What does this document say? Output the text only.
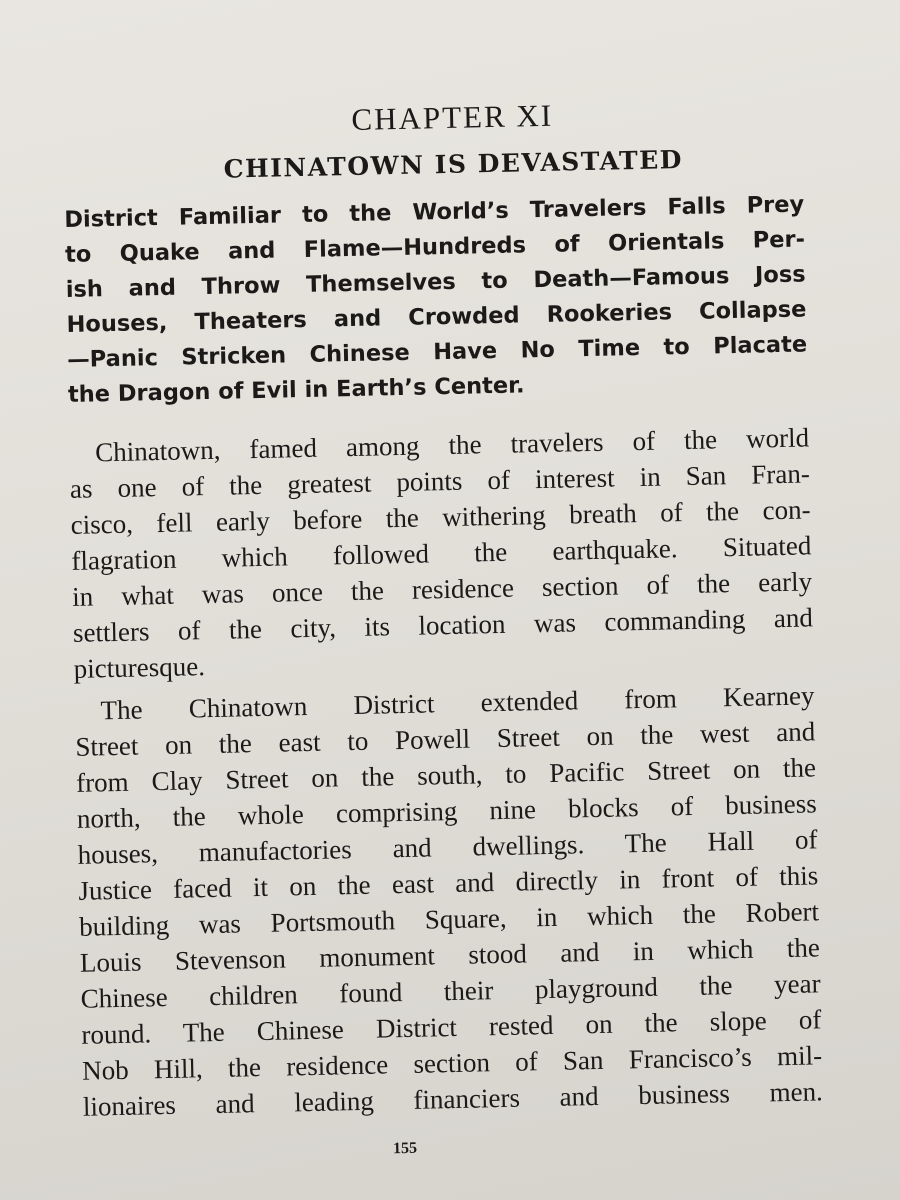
CHAPTER XI
CHINATOWN IS DEVASTATED
District Familiar to the World’s Travelers Falls Prey
to Quake and Flame—Hundreds of Orientals Per-
ish and Throw Themselves to Death—Famous Joss
Houses, Theaters and Crowded Rookeries Collapse
—Panic Stricken Chinese Have No Time to Placate
the Dragon of Evil in Earth’s Center.
Chinatown, famed among the travelers of the world
as one of the greatest points of interest in San Fran-
cisco, fell early before the withering breath of the con-
flagration which followed the earthquake. Situated
in what was once the residence section of the early
settlers of the city, its location was commanding and
picturesque.
The Chinatown District extended from Kearney
Street on the east to Powell Street on the west and
from Clay Street on the south, to Pacific Street on the
north, the whole comprising nine blocks of business
houses, manufactories and dwellings. The Hall of
Justice faced it on the east and directly in front of this
building was Portsmouth Square, in which the Robert
Louis Stevenson monument stood and in which the
Chinese children found their playground the year
round. The Chinese District rested on the slope of
Nob Hill, the residence section of San Francisco’s mil-
lionaires and leading financiers and business men.
155
